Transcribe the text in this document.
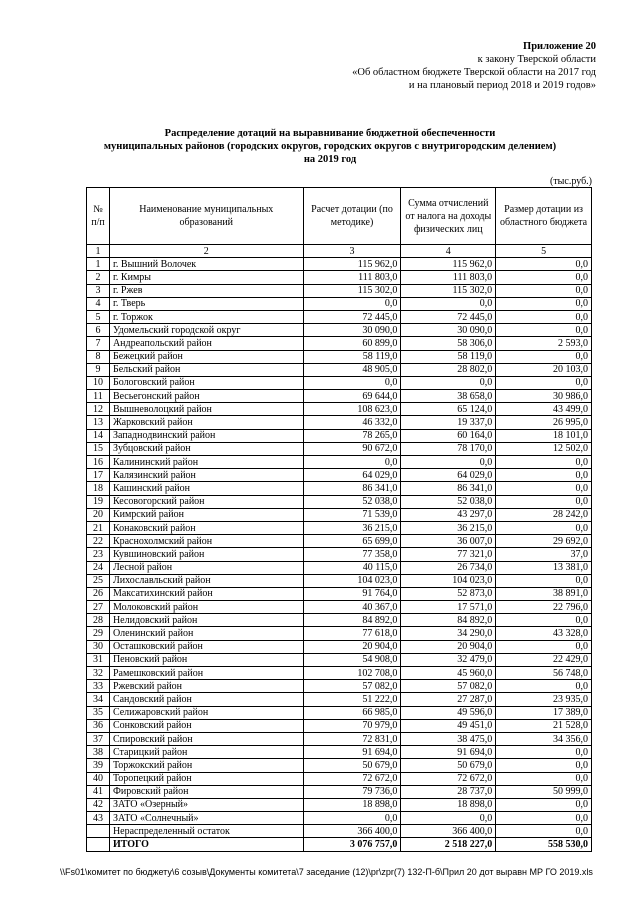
Приложение 20
к закону Тверской области
«Об областном бюджете Тверской области на 2017 год
и на плановый период 2018 и 2019 годов»
Распределение дотаций на выравнивание бюджетной обеспеченности
муниципальных районов (городских округов, городских округов с внутригородским делением)
на 2019 год
(тыс.руб.)
№ п/п	Наименование муниципальных образований	Расчет дотации (по методике)	Сумма отчислений от налога на доходы физических лиц	Размер дотации из областного бюджета
1	2	3	4	5
1	г. Вышний Волочек	115 962,0	115 962,0	0,0
2	г. Кимры	111 803,0	111 803,0	0,0
3	г. Ржев	115 302,0	115 302,0	0,0
4	г. Тверь	0,0	0,0	0,0
5	г. Торжок	72 445,0	72 445,0	0,0
6	Удомельский городской округ	30 090,0	30 090,0	0,0
7	Андреапольский район	60 899,0	58 306,0	2 593,0
8	Бежецкий район	58 119,0	58 119,0	0,0
9	Бельский район	48 905,0	28 802,0	20 103,0
10	Бологовский район	0,0	0,0	0,0
11	Весьегонский район	69 644,0	38 658,0	30 986,0
12	Вышневолоцкий район	108 623,0	65 124,0	43 499,0
13	Жарковский район	46 332,0	19 337,0	26 995,0
14	Западнодвинский район	78 265,0	60 164,0	18 101,0
15	Зубцовский район	90 672,0	78 170,0	12 502,0
16	Калининский район	0,0	0,0	0,0
17	Калязинский район	64 029,0	64 029,0	0,0
18	Кашинский район	86 341,0	86 341,0	0,0
19	Кесовогорский район	52 038,0	52 038,0	0,0
20	Кимрский район	71 539,0	43 297,0	28 242,0
21	Конаковский район	36 215,0	36 215,0	0,0
22	Краснохолмский район	65 699,0	36 007,0	29 692,0
23	Кувшиновский район	77 358,0	77 321,0	37,0
24	Лесной район	40 115,0	26 734,0	13 381,0
25	Лихославльский район	104 023,0	104 023,0	0,0
26	Максатихинский район	91 764,0	52 873,0	38 891,0
27	Молоковский район	40 367,0	17 571,0	22 796,0
28	Нелидовский район	84 892,0	84 892,0	0,0
29	Оленинский район	77 618,0	34 290,0	43 328,0
30	Осташковский район	20 904,0	20 904,0	0,0
31	Пеновский район	54 908,0	32 479,0	22 429,0
32	Рамешковский район	102 708,0	45 960,0	56 748,0
33	Ржевский район	57 082,0	57 082,0	0,0
34	Сандовский район	51 222,0	27 287,0	23 935,0
35	Селижаровский район	66 985,0	49 596,0	17 389,0
36	Сонковский район	70 979,0	49 451,0	21 528,0
37	Спировский район	72 831,0	38 475,0	34 356,0
38	Старицкий район	91 694,0	91 694,0	0,0
39	Торжокский район	50 679,0	50 679,0	0,0
40	Торопецкий район	72 672,0	72 672,0	0,0
41	Фировский район	79 736,0	28 737,0	50 999,0
42	ЗАТО «Озерный»	18 898,0	18 898,0	0,0
43	ЗАТО «Солнечный»	0,0	0,0	0,0
	Нераспределенный остаток	366 400,0	366 400,0	0,0
	ИТОГО	3 076 757,0	2 518 227,0	558 530,0
\\Fs01\комитет по бюджету\6 созыв\Документы комитета\7 заседание (12)\pr\zpr(7) 132-П-б\Прил 20 дот выравн МР ГО 2019.xls
